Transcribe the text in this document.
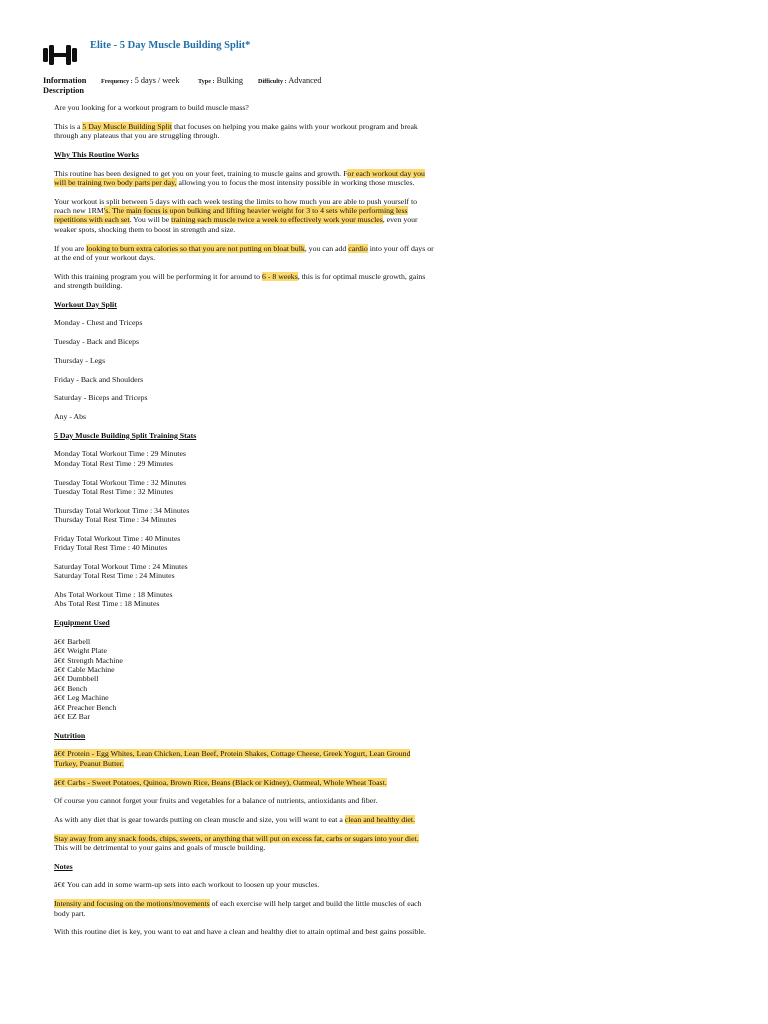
Elite - 5 Day Muscle Building Split*
Information
Description
Frequency : 5 days / week	Type : Bulking Difficulty : Advanced

Are you looking for a workout program to build muscle mass?

This is a 5 Day Muscle Building Split that focuses on helping you make gains with your workout program and break through any plateaus that you are struggling through.

Why This Routine Works

This routine has been designed to get you on your feet, training to muscle gains and growth. For each workout day you will be training two body parts per day, allowing you to focus the most intensity possible in working those muscles.

Your workout is split between 5 days with each week testing the limits to how much you are able to push yourself to reach new 1RM's. The main focus is upon bulking and lifting heavier weight for 3 to 4 sets while performing less repetitions with each set. You will be training each muscle twice a week to effectively work your muscles, even your weaker spots, shocking them to boost in strength and size.

If you are looking to burn extra calories so that you are not putting on bloat bulk, you can add cardio into your off days or at the end of your workout days.

With this training program you will be performing it for around to 6 - 8 weeks, this is for optimal muscle growth, gains and strength building.

Workout Day Split

Monday - Chest and Triceps

Tuesday - Back and Biceps

Thursday - Legs

Friday - Back and Shoulders

Saturday - Biceps and Triceps

Any - Abs

5 Day Muscle Building Split Training Stats

Monday Total Workout Time : 29 Minutes
Monday Total Rest Time : 29 Minutes

Tuesday Total Workout Time : 32 Minutes
Tuesday Total Rest Time : 32 Minutes

Thursday Total Workout Time : 34 Minutes
Thursday Total Rest Time : 34 Minutes

Friday Total Workout Time : 40 Minutes
Friday Total Rest Time : 40 Minutes

Saturday Total Workout Time : 24 Minutes
Saturday Total Rest Time : 24 Minutes

Abs Total Workout Time : 18 Minutes
Abs Total Rest Time : 18 Minutes

Equipment Used

â€¢ Barbell
â€¢ Weight Plate
â€¢ Strength Machine
â€¢ Cable Machine
â€¢ Dumbbell
â€¢ Bench
â€¢ Leg Machine
â€¢ Preacher Bench
â€¢ EZ Bar

Nutrition

â€¢ Protein - Egg Whites, Lean Chicken, Lean Beef, Protein Shakes, Cottage Cheese, Greek Yogurt, Lean Ground Turkey, Peanut Butter.

â€¢ Carbs - Sweet Potatoes, Quinoa, Brown Rice, Beans (Black or Kidney), Oatmeal, Whole Wheat Toast.

Of course you cannot forget your fruits and vegetables for a balance of nutrients, antioxidants and fiber.

As with any diet that is gear towards putting on clean muscle and size, you will want to eat a clean and healthy diet.

Stay away from any snack foods, chips, sweets, or anything that will put on excess fat, carbs or sugars into your diet. This will be detrimental to your gains and goals of muscle building.

Notes

â€¢ You can add in some warm-up sets into each workout to loosen up your muscles.

Intensity and focusing on the motions/movements of each exercise will help target and build the little muscles of each body part.

With this routine diet is key, you want to eat and have a clean and healthy diet to attain optimal and best gains possible.
